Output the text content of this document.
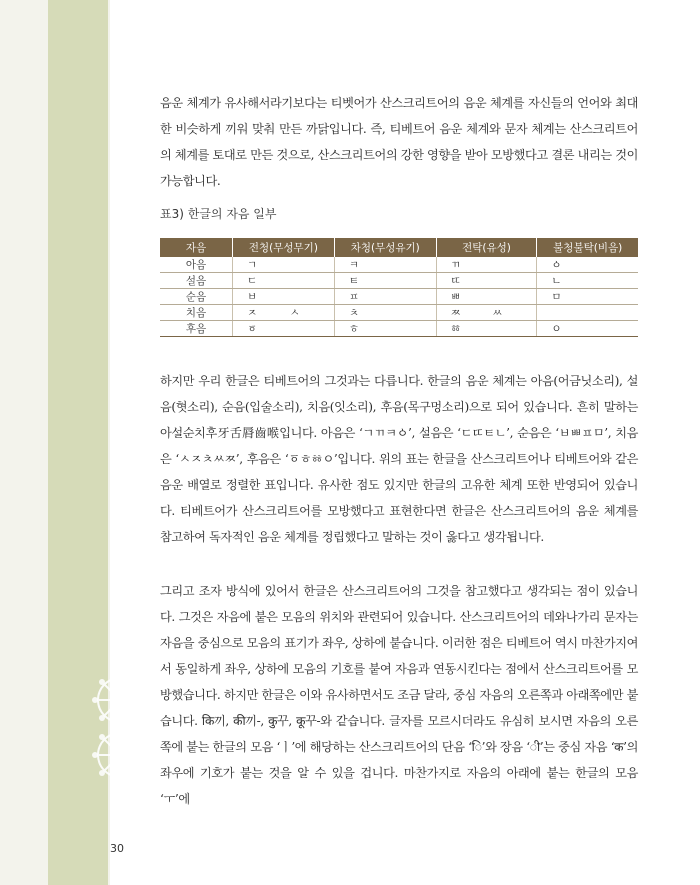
음운 체계가 유사해서라기보다는 티벳어가 산스크리트어의 음운 체계를 자신들의 언어와 최대한 비슷하게 끼워 맞춰 만든 까닭입니다. 즉, 티베트어 음운 체계와 문자 체계는 산스크리트어의 체계를 토대로 만든 것으로, 산스크리트어의 강한 영향을 받아 모방했다고 결론 내리는 것이 가능합니다.

표3) 한글의 자음 일부

자음	전청(무성무기)	차청(무성유기)	전탁(유성)	불청불탁(비음)
아음	ㄱ	ㅋ	ㄲ	ㆁ

설음	ㄷ	ㅌ	ㄸ	ㄴ

순음	ㅂ	ㅍ	ㅃ	ㅁ

치음	ㅈ ㅅ	ㅊ	ㅉ ㅆ	

후음	ㆆ	ㅎ	ㆅ	ㅇ

하지만 우리 한글은 티베트어의 그것과는 다릅니다. 한글의 음운 체계는 아음(어금닛소리), 설음(혓소리), 순음(입술소리), 치음(잇소리), 후음(목구멍소리)으로 되어 있습니다. 흔히 말하는 아설순치후牙舌脣齒喉입니다. 아음은 ‘ㄱㄲㅋㆁ’, 설음은 ‘ㄷㄸㅌㄴ’, 순음은 ‘ㅂㅃㅍㅁ’, 치음은 ‘ㅅㅈㅊㅆㅉ’, 후음은 ‘ㆆㅎㆅㅇ’입니다. 위의 표는 한글을 산스크리트어나 티베트어와 같은 음운 배열로 정렬한 표입니다. 유사한 점도 있지만 한글의 고유한 체계 또한 반영되어 있습니다. 티베트어가 산스크리트어를 모방했다고 표현한다면 한글은 산스크리트어의 음운 체계를 참고하여 독자적인 음운 체계를 정립했다고 말하는 것이 옳다고 생각됩니다.

그리고 조자 방식에 있어서 한글은 산스크리트어의 그것을 참고했다고 생각되는 점이 있습니다. 그것은 자음에 붙은 모음의 위치와 관련되어 있습니다. 산스크리트어의 데와나가리 문자는 자음을 중심으로 모음의 표기가 좌우, 상하에 붙습니다. 이러한 점은 티베트어 역시 마찬가지여서 동일하게 좌우, 상하에 모음의 기호를 붙여 자음과 연동시킨다는 점에서 산스크리트어를 모방했습니다. 하지만 한글은 이와 유사하면서도 조금 달라, 중심 자음의 오른쪽과 아래쪽에만 붙습니다. कि끼, की끼-, कु꾸, कू꾸-와 같습니다. 글자를 모르시더라도 유심히 보시면 자음의 오른쪽에 붙는 한글의 모음 ‘ㅣ’에 해당하는 산스크리트어의 단음 ‘ि’와 장음 ‘ी’는 중심 자음 ‘क’의 좌우에 기호가 붙는 것을 알 수 있을 겁니다. 마찬가지로 자음의 아래에 붙는 한글의 모음 ‘ㅜ’에

30
